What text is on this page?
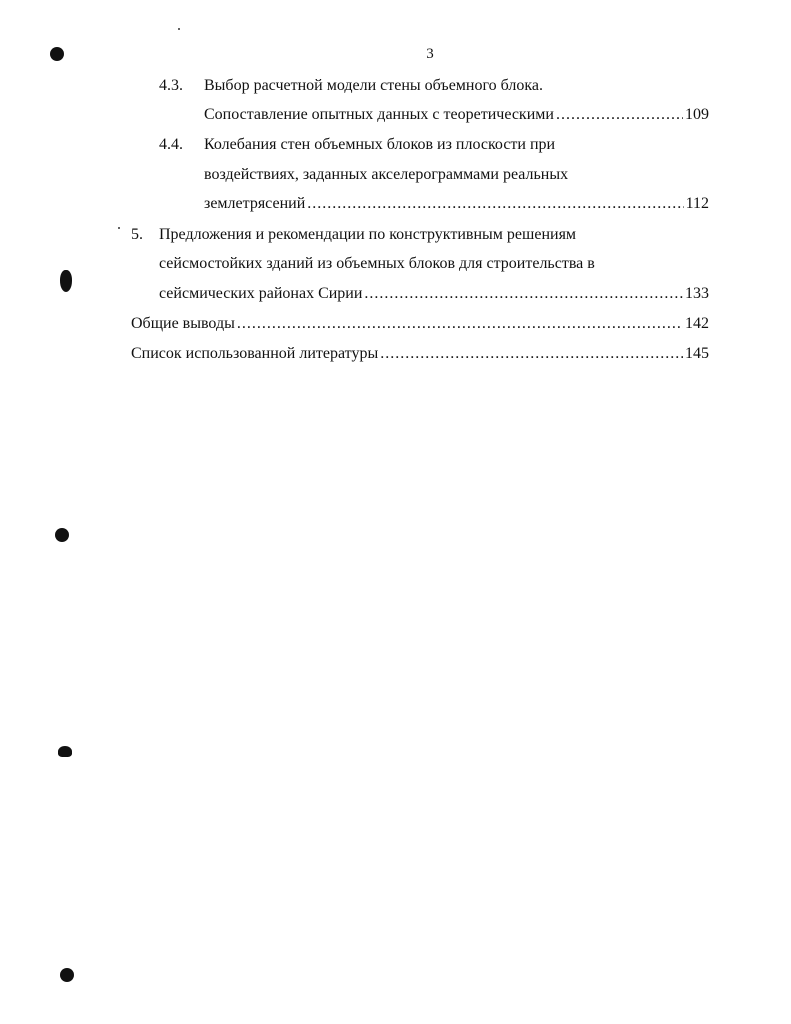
3
4.3. Выбор расчетной модели стены объемного блока.
Сопоставление опытных данных с теоретическими .....	109
4.4. Колебания стен объемных блоков из плоскости при
воздействиях, заданных акселерограммами реальных
землетрясений .....	112
5. Предложения и рекомендации по конструктивным решениям
сейсмостойких зданий из объемных блоков для строительства в
сейсмических районах Сирии .....	133
Общие выводы .....	142
Список использованной литературы .....	145
